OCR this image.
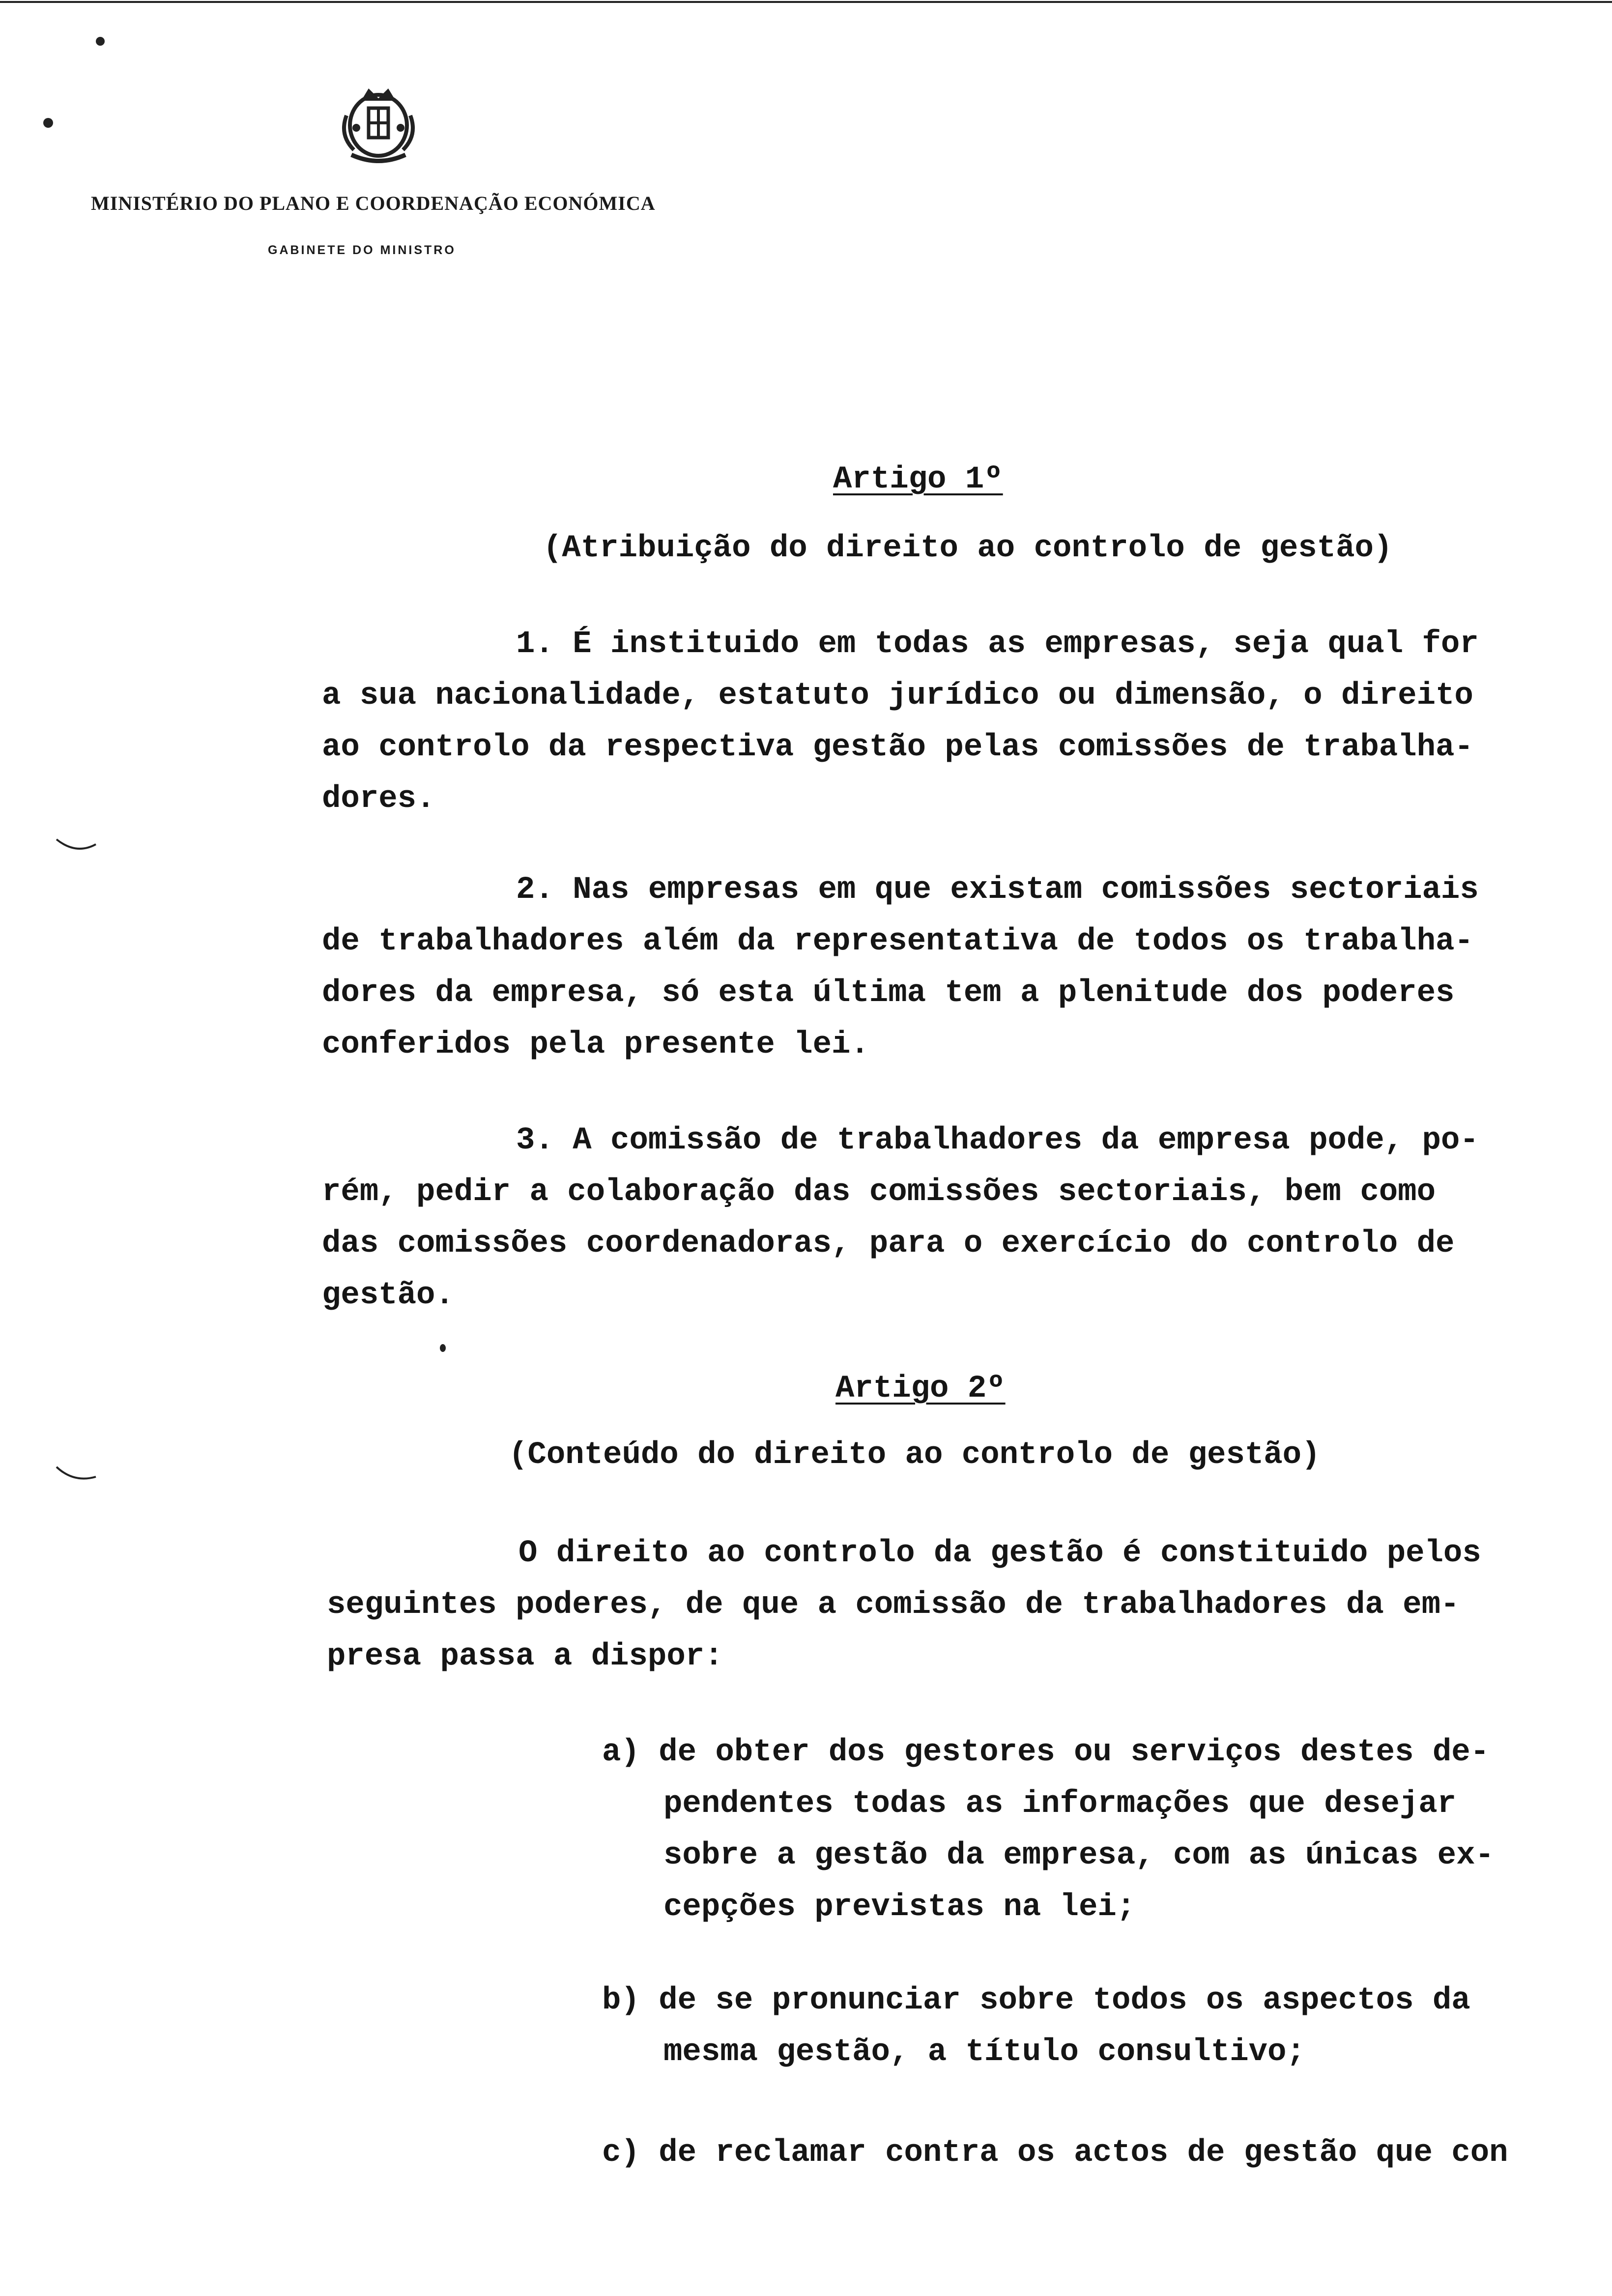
MINISTÉRIO DO PLANO E COORDENAÇÃO ECONÓMICA
GABINETE DO MINISTRO
Artigo 1º
(Atribuição do direito ao controlo de gestão)
1. É instituido em todas as empresas, seja qual for
a sua nacionalidade, estatuto jurídico ou dimensão, o direito
ao controlo da respectiva gestão pelas comissões de trabalha-
dores.
2. Nas empresas em que existam comissões sectoriais
de trabalhadores além da representativa de todos os trabalha-
dores da empresa, só esta última tem a plenitude dos poderes
conferidos pela presente lei.
3. A comissão de trabalhadores da empresa pode, po-
rém, pedir a colaboração das comissões sectoriais, bem como
das comissões coordenadoras, para o exercício do controlo de
gestão.
Artigo 2º
(Conteúdo do direito ao controlo de gestão)
O direito ao controlo da gestão é constituido pelos
seguintes poderes, de que a comissão de trabalhadores da em-
presa passa a dispor:
a) de obter dos gestores ou serviços destes de-
pendentes todas as informações que desejar
sobre a gestão da empresa, com as únicas ex-
cepções previstas na lei;
b) de se pronunciar sobre todos os aspectos da
mesma gestão, a título consultivo;
c) de reclamar contra os actos de gestão que con
